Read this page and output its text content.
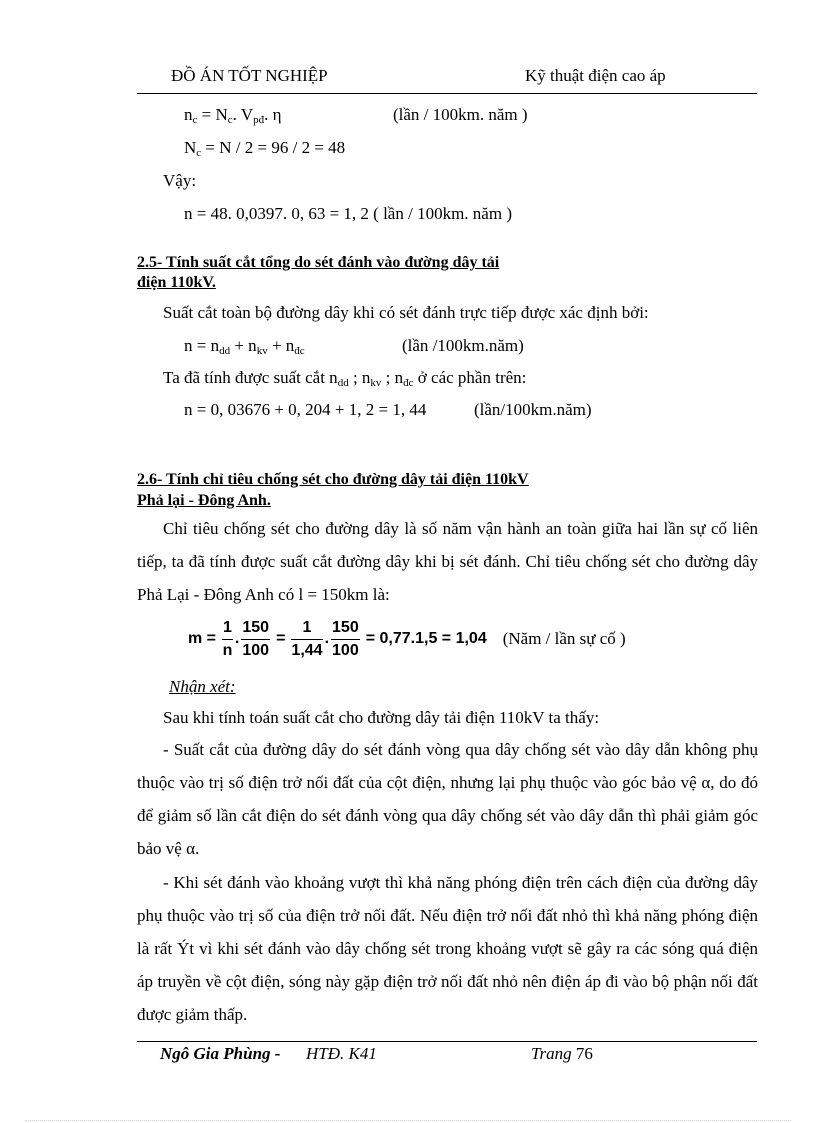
ĐỒ ÁN TỐT NGHIỆP	Kỹ thuật điện cao áp
$n_c = N_c$. $V_{pđ}$. η	(lần / 100km. năm )
$N_c = N / 2 = 96 / 2 = 48$
Vậy:
n = 48. 0,0397. 0, 63 = 1, 2 ( lần / 100km. năm )
2.5- Tính suất cắt tổng do sét đánh vào đường dây tải
điện 110kV.
Suất cắt toàn bộ đường dây khi có sét đánh trực tiếp được xác định bởi:
$n = n_{dd} + n_{kv} + n_{đc}$	(lần /100km.năm)
Ta đã tính được suất cắt $n_{dd}$ ; $n_{kv}$ ; $n_{đc}$ ở các phần trên:
n = 0, 03676 + 0, 204 + 1, 2 = 1, 44	(lần/100km.năm)
2.6- Tính chỉ tiêu chống sét cho đường dây tải điện 110kV
Phả lại - Đông Anh.
Chỉ tiêu chống sét cho đường dây là số năm vận hành an toàn giữa hai lần sự cố liên tiếp, ta đã tính được suất cắt đường dây khi bị sét đánh. Chỉ tiêu chống sét cho đường dây Phả Lại - Đông Anh có l = 150km là:
$m = \frac{1}{n}$ . $\frac{150}{100} = \frac{1}{1,44}$ . $\frac{150}{100} = 0,77.1,5 = 1,04$ (Năm / lần sự cố )
Nhận xét:
Sau khi tính toán suất cắt cho đường dây tải điện 110kV ta thấy:
- Suất cắt của đường dây do sét đánh vòng qua dây chống sét vào dây dẫn không phụ thuộc vào trị số điện trở nối đất của cột điện, nhưng lại phụ thuộc vào góc bảo vệ α, do đó để giảm số lần cắt điện do sét đánh vòng qua dây chống sét vào dây dẫn thì phải giảm góc bảo vệ α.
- Khi sét đánh vào khoảng vượt thì khả năng phóng điện trên cách điện của đường dây phụ thuộc vào trị số của điện trở nối đất. Nếu điện trở nối đất nhỏ thì khả năng phóng điện là rất Ýt vì khi sét đánh vào dây chống sét trong khoảng vượt sẽ gây ra các sóng quá điện áp truyền về cột điện, sóng này gặp điện trở nối đất nhỏ nên điện áp đi vào bộ phận nối đất được giảm thấp.
Ngô Gia Phùng - HTĐ. K41	Trang 76
